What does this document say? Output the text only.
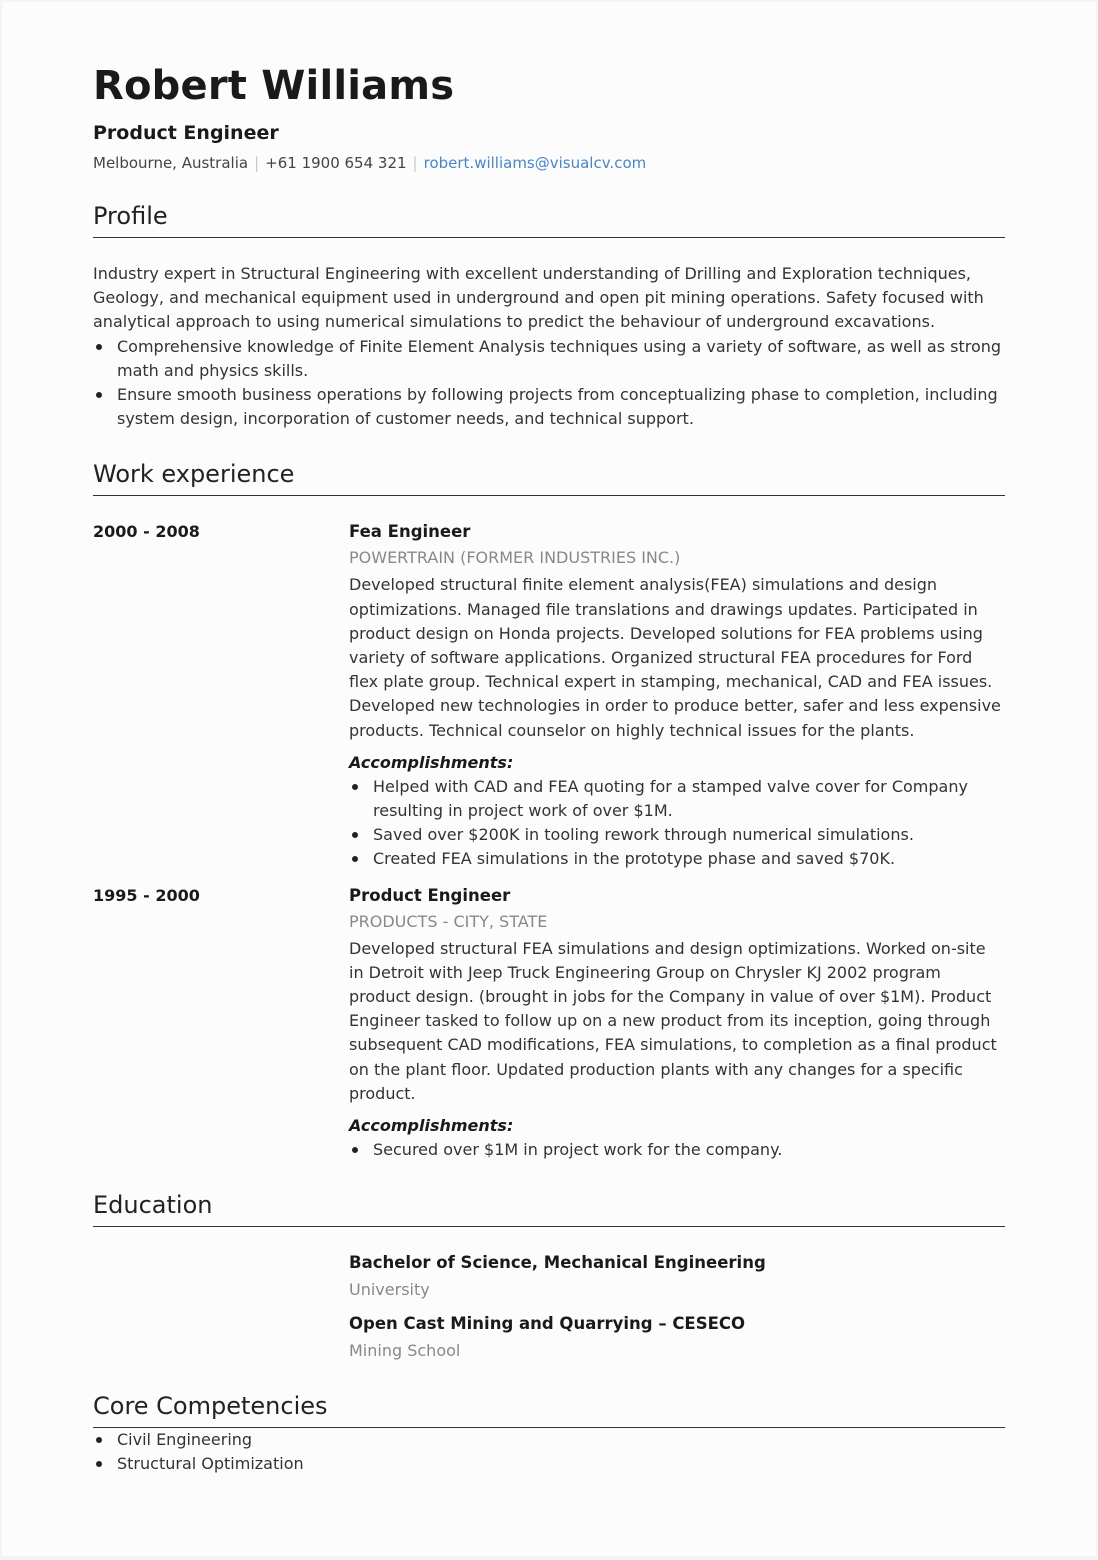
Robert Williams
Product Engineer
Melbourne, Australia | +61 1900 654 321 | robert.williams@visualcv.com
Profile
Industry expert in Structural Engineering with excellent understanding of Drilling and Exploration techniques, Geology, and mechanical equipment used in underground and open pit mining operations. Safety focused with analytical approach to using numerical simulations to predict the behaviour of underground excavations.
Comprehensive knowledge of Finite Element Analysis techniques using a variety of software, as well as strong math and physics skills.
Ensure smooth business operations by following projects from conceptualizing phase to completion, including system design, incorporation of customer needs, and technical support.
Work experience
2000 - 2008	Fea Engineer
POWERTRAIN (FORMER INDUSTRIES INC.)
Developed structural finite element analysis(FEA) simulations and design optimizations. Managed file translations and drawings updates. Participated in product design on Honda projects. Developed solutions for FEA problems using variety of software applications. Organized structural FEA procedures for Ford flex plate group. Technical expert in stamping, mechanical, CAD and FEA issues. Developed new technologies in order to produce better, safer and less expensive products. Technical counselor on highly technical issues for the plants.
Accomplishments:
Helped with CAD and FEA quoting for a stamped valve cover for Company resulting in project work of over $1M.
Saved over $200K in tooling rework through numerical simulations.
Created FEA simulations in the prototype phase and saved $70K.
1995 - 2000	Product Engineer
PRODUCTS - CITY, STATE
Developed structural FEA simulations and design optimizations. Worked on-site in Detroit with Jeep Truck Engineering Group on Chrysler KJ 2002 program product design. (brought in jobs for the Company in value of over $1M). Product Engineer tasked to follow up on a new product from its inception, going through subsequent CAD modifications, FEA simulations, to completion as a final product on the plant floor. Updated production plants with any changes for a specific product.
Accomplishments:
Secured over $1M in project work for the company.
Education
Bachelor of Science, Mechanical Engineering
University
Open Cast Mining and Quarrying – CESECO
Mining School
Core Competencies
Civil Engineering
Structural Optimization
